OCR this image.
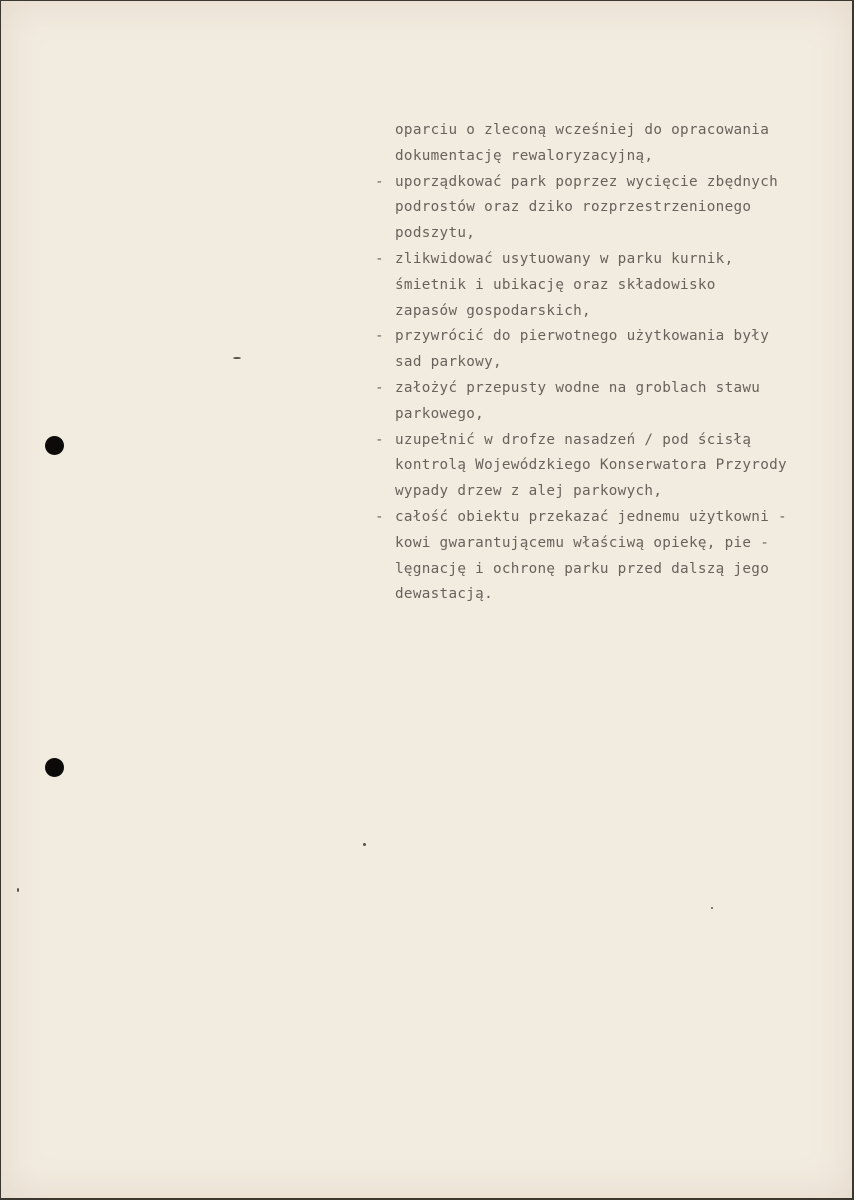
oparciu o zleconą wcześniej do opracowania
dokumentację rewaloryzacyjną,
- uporządkować park poprzez wycięcie zbędnych
podrostów oraz dziko rozprzestrzenionego
podszytu,
- zlikwidować usytuowany w parku kurnik,
śmietnik i ubikację oraz składowisko
zapasów gospodarskich,
- przywrócić do pierwotnego użytkowania były
sad parkowy,
- założyć przepusty wodne na groblach stawu
parkowego,
- uzupełnić w drofze nasadzeń / pod ścisłą
kontrolą Wojewódzkiego Konserwatora Przyrody
wypady drzew z alej parkowych,
- całość obiektu przekazać jednemu użytkowni -
kowi gwarantującemu właściwą opiekę, pie -
lęgnację i ochronę parku przed dalszą jego
dewastacją.
